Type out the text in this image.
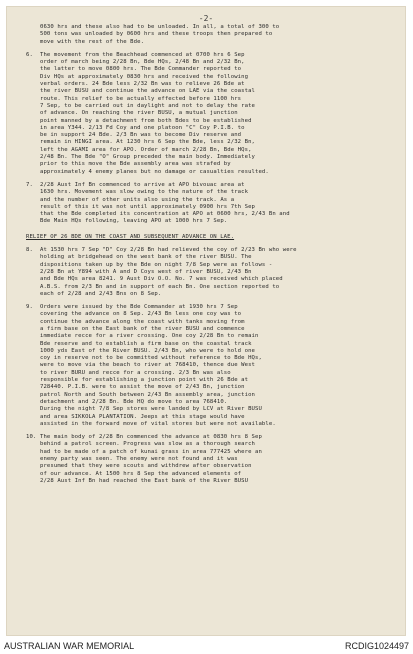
-2-

0630 hrs and these also had to be unloaded. In all, a total of 300 to

500 tons was unloaded by 0600 hrs and these troops then prepared to

move with the rest of the Bde.

6. The movement from the Beachhead commenced at 0700 hrs 6 Sep

order of march being 2/28 Bn, Bde HQs, 2/48 Bn and 2/32 Bn,

the latter to move 0800 hrs. The Bde Commander reported to

Div HQs at approximately 0830 hrs and received the following

verbal orders. 24 Bde less 2/32 Bn was to relieve 26 Bde at

the river BUSU and continue the advance on LAE via the coastal

route. This relief to be actually effected before 1100 hrs

7 Sep, to be carried out in daylight and not to delay the rate

of advance. On reaching the river BUSU, a mutual junction

point manned by a detachment from both Bdes to be established

in area Y344. 2/13 Fd Coy and one platoon "C" Coy P.I.B. to

be in support 24 Bde. 2/3 Bn was to become Div reserve and

remain in HINGI area. At 1230 hrs 6 Sep the Bde, less 2/32 Bn,

left the AGAMI area for APO. Order of march 2/28 Bn, Bde HQs,

2/48 Bn. The Bde "O" Group preceded the main body. Immediately

prior to this move the Bde assembly area was strafed by

approximately 4 enemy planes but no damage or casualties resulted.

7. 2/28 Aust Inf Bn commenced to arrive at APO bivouac area at

1630 hrs. Movement was slow owing to the nature of the track

and the number of other units also using the track. As a

result of this it was not until approximately 0900 hrs 7th Sep

that the Bde completed its concentration at APO at 0600 hrs, 2/43 Bn and

Bde Main HQs following, leaving APO at 1000 hrs 7 Sep.

RELIEF OF 26 BDE ON THE COAST AND SUBSEQUENT ADVANCE ON LAE.

8. At 1530 hrs 7 Sep "D" Coy 2/28 Bn had relieved the coy of 2/23 Bn who were

holding at bridgehead on the west bank of the river BUSU. The

dispositions taken up by the Bde on night 7/8 Sep were as follows -

2/28 Bn at Y894 with A and D Coys west of river BUSU, 2/43 Bn

and Bde HQs area 8241. 9 Aust Div O.O. No. 7 was received which placed

A.B.S. from 2/3 Bn and in support of each Bn. One section reported to

each of 2/28 and 2/43 Bns on 8 Sep.

9. Orders were issued by the Bde Commander at 1930 hrs 7 Sep

covering the advance on 8 Sep. 2/43 Bn less one coy was to

continue the advance along the coast with tanks moving from

a firm base on the East bank of the river BUSU and commence

immediate recce for a river crossing. One coy 2/28 Bn to remain

Bde reserve and to establish a firm base on the coastal track

1000 yds East of the River BUSU. 2/43 Bn, who were to hold one

coy in reserve not to be committed without reference to Bde HQs,

were to move via the beach to river at 768410, thence due West

to river BURU and recce for a crossing. 2/3 Bn was also

responsible for establishing a junction point with 26 Bde at

728440. P.I.B. were to assist the move of 2/43 Bn, junction

patrol North and South between 2/43 Bn assembly area, junction

detachment and 2/28 Bn. Bde HQ do move to area 768410.

During the night 7/8 Sep stores were landed by LCV at River BUSU

and area SIKKOLA PLANTATION. Jeeps at this stage would have

assisted in the forward move of vital stores but were not available.

10. The main body of 2/28 Bn commenced the advance at 0830 hrs 8 Sep

behind a patrol screen. Progress was slow as a thorough search

had to be made of a patch of kunai grass in area 777425 where an

enemy party was seen. The enemy were not found and it was

presumed that they were scouts and withdrew after observation

of our advance. At 1500 hrs 8 Sep the advanced elements of

2/28 Aust Inf Bn had reached the East bank of the River BUSU

AUSTRALIAN WAR MEMORIAL	RCDIG1024497
